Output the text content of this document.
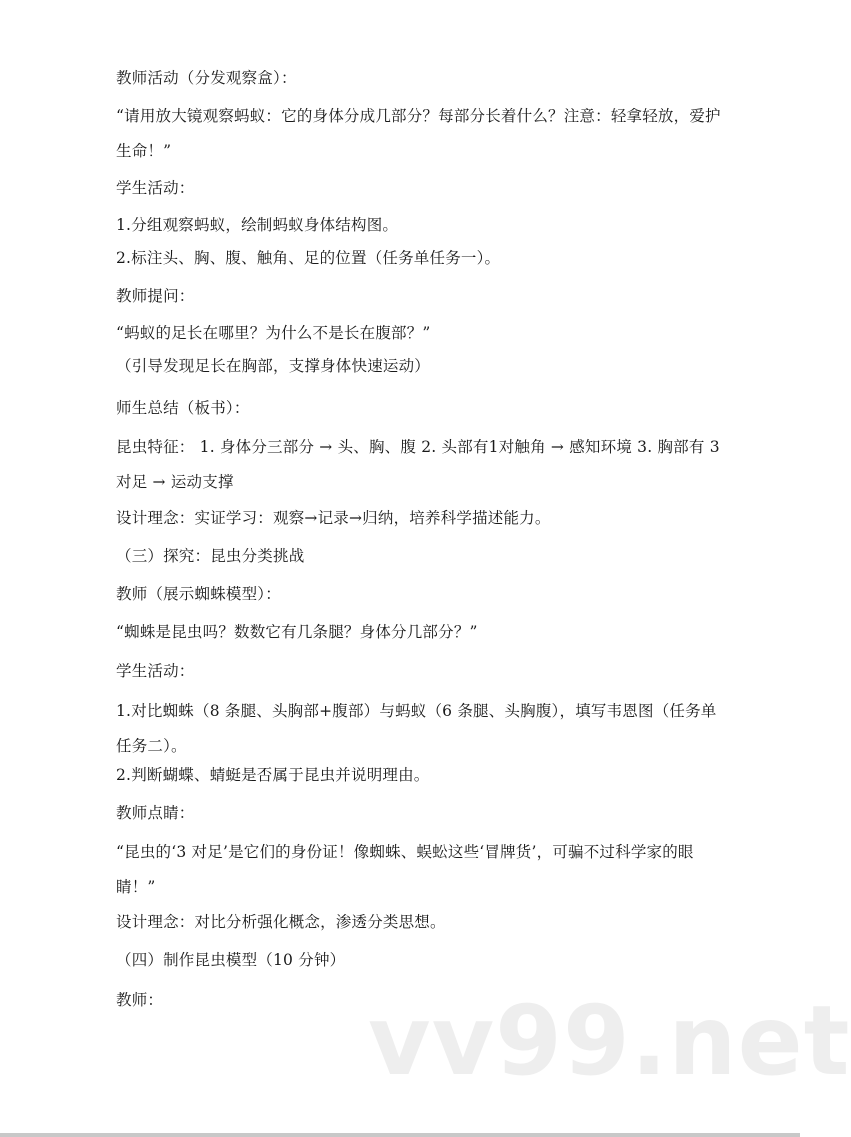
教师活动（分发观察盒）：
“请用放大镜观察蚂蚁：它的身体分成几部分？每部分长着什么？注意：轻拿轻放，爱护生命！”
学生活动：
1.分组观察蚂蚁，绘制蚂蚁身体结构图。
2.标注头、胸、腹、触角、足的位置（任务单任务一）。
教师提问：
“蚂蚁的足长在哪里？为什么不是长在腹部？”
（引导发现足长在胸部，支撑身体快速运动）
师生总结（板书）：
昆虫特征： 1. 身体分三部分 → 头、胸、腹 2. 头部有1对触角 → 感知环境 3. 胸部有 3 对足 → 运动支撑
设计理念：实证学习：观察→记录→归纳，培养科学描述能力。
（三）探究：昆虫分类挑战
教师（展示蜘蛛模型）：
“蜘蛛是昆虫吗？数数它有几条腿？身体分几部分？”
学生活动：
1.对比蜘蛛（8 条腿、头胸部+腹部）与蚂蚁（6 条腿、头胸腹），填写韦恩图（任务单任务二）。
2.判断蝴蝶、蜻蜓是否属于昆虫并说明理由。
教师点睛：
“昆虫的‘3 对足’是它们的身份证！像蜘蛛、蜈蚣这些‘冒牌货’，可骗不过科学家的眼睛！”
设计理念：对比分析强化概念，渗透分类思想。
（四）制作昆虫模型（10 分钟）
教师：	vv99.net
